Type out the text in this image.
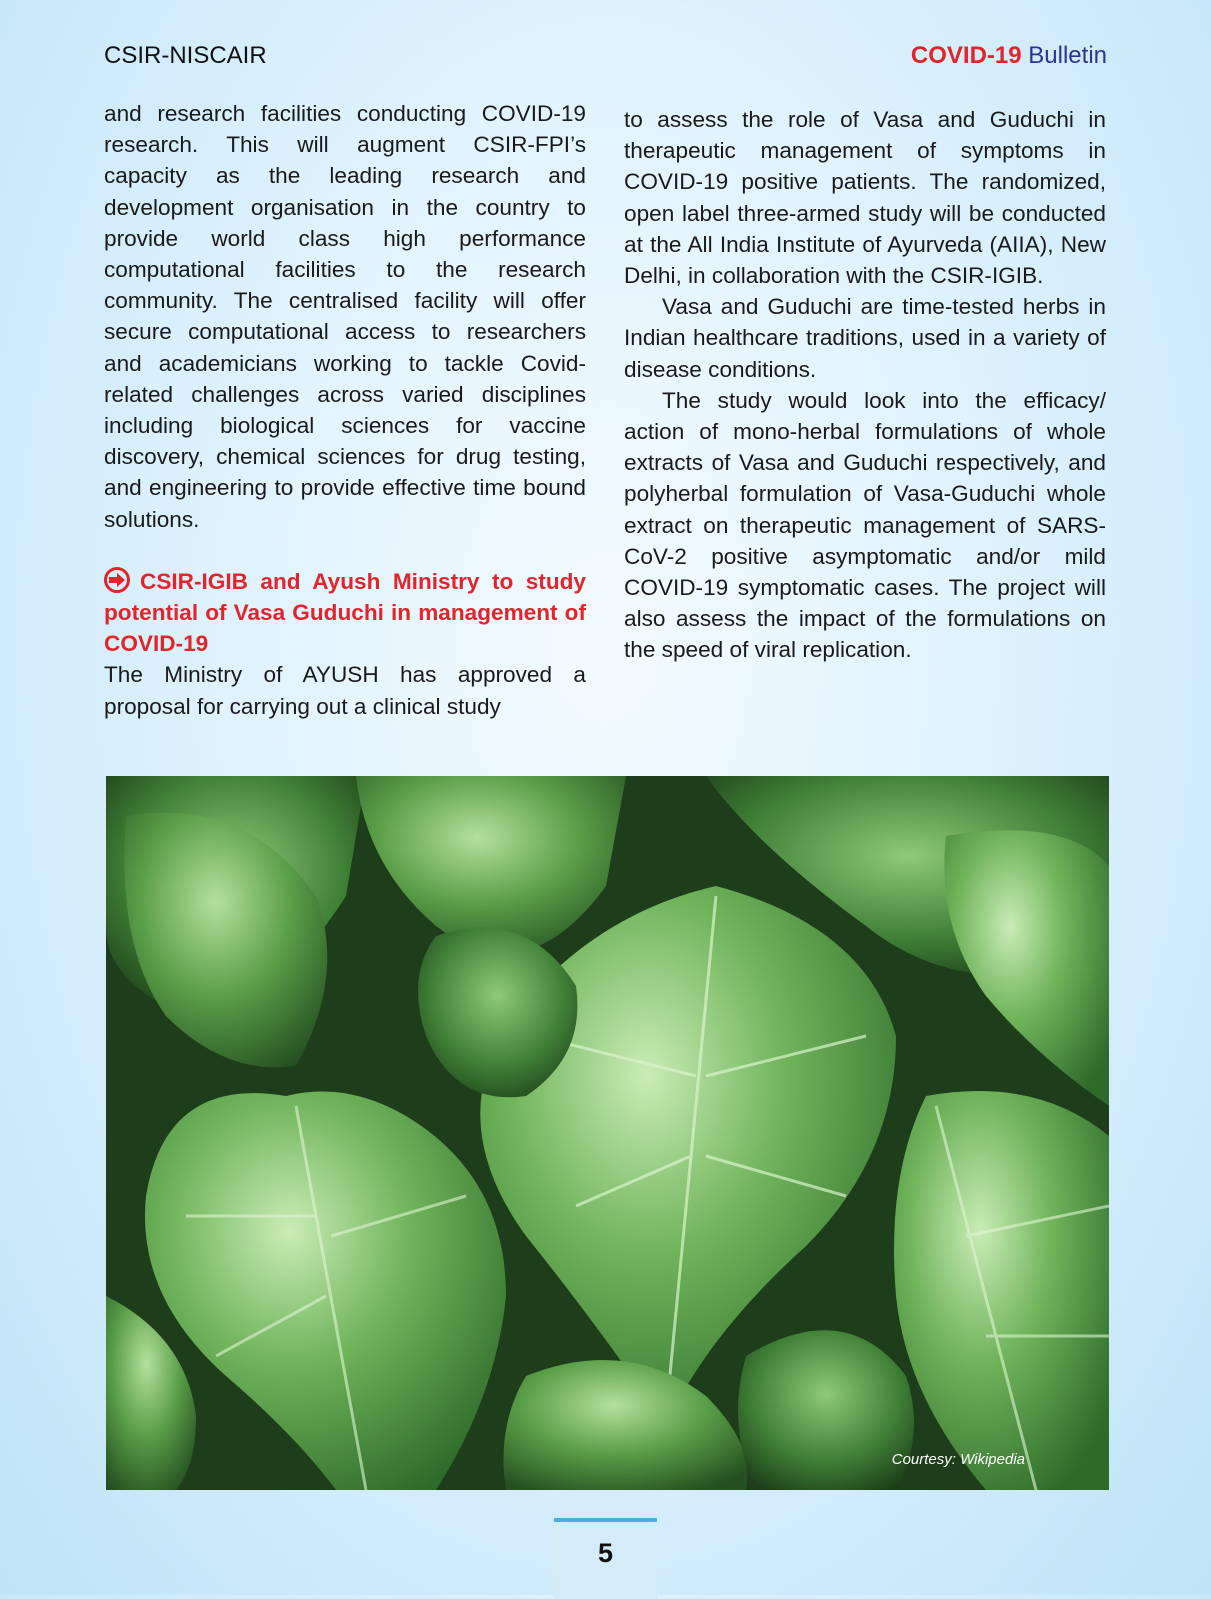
CSIR-NISCAIR	COVID-19 Bulletin

and research facilities conducting COVID-19 research. This will augment CSIR-FPI’s capacity as the leading research and development organisation in the country to provide world class high performance computational facilities to the research community. The centralised facility will offer secure computational access to researchers and academicians working to tackle Covid-related challenges across varied disciplines including biological sciences for vaccine discovery, chemical sciences for drug testing, and engineering to provide effective time bound solutions.

CSIR-IGIB and Ayush Ministry to study potential of Vasa Guduchi in management of COVID-19

The Ministry of AYUSH has approved a proposal for carrying out a clinical study

to assess the role of Vasa and Guduchi in therapeutic management of symptoms in COVID-19 positive patients. The randomized, open label three-armed study will be conducted at the All India Institute of Ayurveda (AIIA), New Delhi, in collaboration with the CSIR-IGIB.

Vasa and Guduchi are time-tested herbs in Indian healthcare traditions, used in a variety of disease conditions.

The study would look into the efficacy/ action of mono-herbal formulations of whole extracts of Vasa and Guduchi respectively, and polyherbal formulation of Vasa-Guduchi whole extract on therapeutic management of SARS-CoV-2 positive asymptomatic and/or mild COVID-19 symptomatic cases. The project will also assess the impact of the formulations on the speed of viral replication.

Courtesy: Wikipedia
5
